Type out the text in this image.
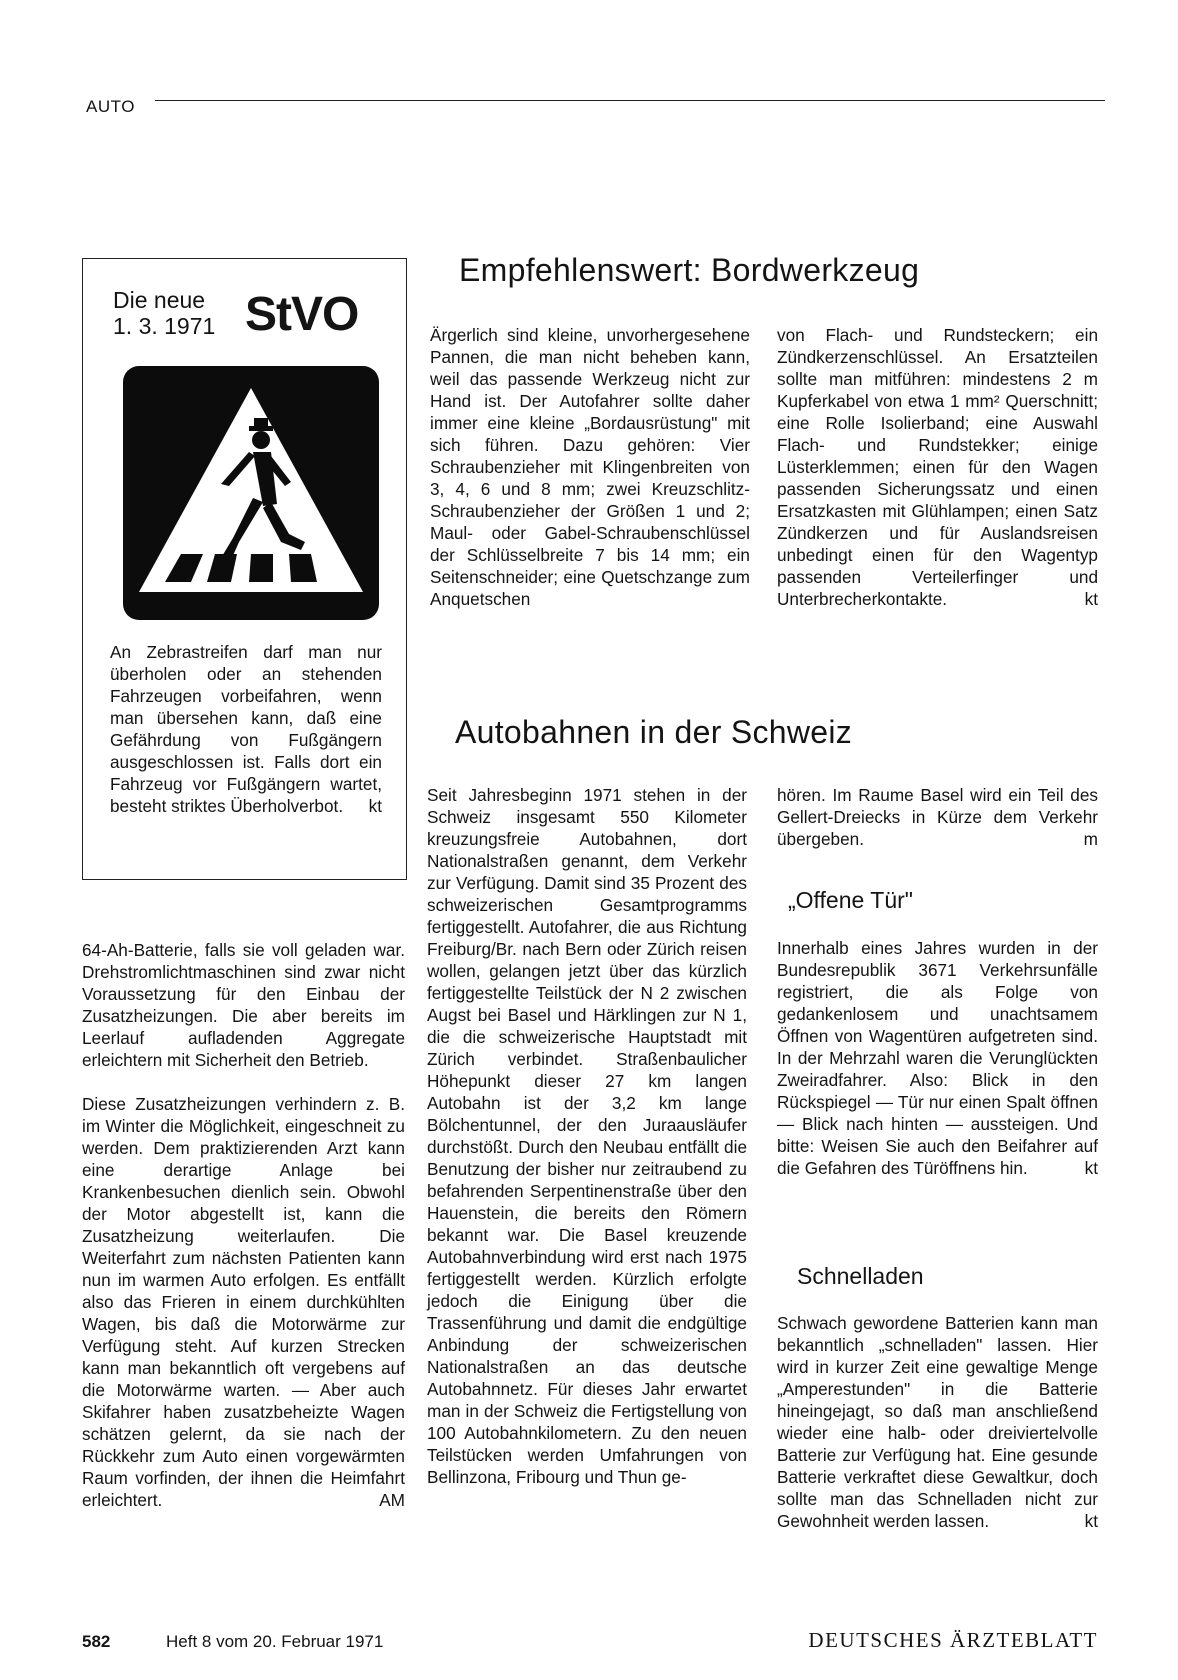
AUTO
Die neue
1. 3. 1971 StVO

An Zebrastreifen darf man nur überholen oder an stehenden Fahrzeugen vorbeifahren, wenn man übersehen kann, daß eine Gefährdung von Fußgängern ausgeschlossen ist. Falls dort ein Fahrzeug vor Fußgängern wartet, besteht striktes Überholverbot. kt

64-Ah-Batterie, falls sie voll geladen war. Drehstromlichtmaschinen sind zwar nicht Voraussetzung für den Einbau der Zusatzheizungen. Die aber bereits im Leerlauf aufladenden Aggregate erleichtern mit Sicherheit den Betrieb.

Diese Zusatzheizungen verhindern z. B. im Winter die Möglichkeit, eingeschneit zu werden. Dem praktizierenden Arzt kann eine derartige Anlage bei Krankenbesuchen dienlich sein. Obwohl der Motor abgestellt ist, kann die Zusatzheizung weiterlaufen. Die Weiterfahrt zum nächsten Patienten kann nun im warmen Auto erfolgen. Es entfällt also das Frieren in einem durchkühlten Wagen, bis daß die Motorwärme zur Verfügung steht. Auf kurzen Strecken kann man bekanntlich oft vergebens auf die Motorwärme warten. — Aber auch Skifahrer haben zusatzbeheizte Wagen schätzen gelernt, da sie nach der Rückkehr zum Auto einen vorgewärmten Raum vorfinden, der ihnen die Heimfahrt erleichtert.	AM

Empfehlenswert: Bordwerkzeug

Ärgerlich sind kleine, unvorhergesehene Pannen, die man nicht beheben kann, weil das passende Werkzeug nicht zur Hand ist. Der Autofahrer sollte daher immer eine kleine „Bordausrüstung" mit sich führen. Dazu gehören: Vier Schraubenzieher mit Klingenbreiten von 3, 4, 6 und 8 mm; zwei Kreuzschlitz-Schraubenzieher der Größen 1 und 2; Maul- oder Gabel-Schraubenschlüssel der Schlüsselbreite 7 bis 14 mm; ein Seitenschneider; eine Quetschzange zum Anquetschen

von Flach- und Rundsteckern; ein Zündkerzenschlüssel. An Ersatzteilen sollte man mitführen: mindestens 2 m Kupferkabel von etwa 1 mm² Querschnitt; eine Rolle Isolierband; eine Auswahl Flach- und Rundstekker; einige Lüsterklemmen; einen für den Wagen passenden Sicherungssatz und einen Ersatzkasten mit Glühlampen; einen Satz Zündkerzen und für Auslandsreisen unbedingt einen für den Wagentyp passenden Verteilerfinger und Unterbrecherkontakte.	kt

Autobahnen in der Schweiz

Seit Jahresbeginn 1971 stehen in der Schweiz insgesamt 550 Kilometer kreuzungsfreie Autobahnen, dort Nationalstraßen genannt, dem Verkehr zur Verfügung. Damit sind 35 Prozent des schweizerischen Gesamtprogramms fertiggestellt. Autofahrer, die aus Richtung Freiburg/Br. nach Bern oder Zürich reisen wollen, gelangen jetzt über das kürzlich fertiggestellte Teilstück der N 2 zwischen Augst bei Basel und Härklingen zur N 1, die die schweizerische Hauptstadt mit Zürich verbindet. Straßenbaulicher Höhepunkt dieser 27 km langen Autobahn ist der 3,2 km lange Bölchentunnel, der den Juraausläufer durchstößt. Durch den Neubau entfällt die Benutzung der bisher nur zeitraubend zu befahrenden Serpentinenstraße über den Hauenstein, die bereits den Römern bekannt war. Die Basel kreuzende Autobahnverbindung wird erst nach 1975 fertiggestellt werden. Kürzlich erfolgte jedoch die Einigung über die Trassenführung und damit die endgültige Anbindung der schweizerischen Nationalstraßen an das deutsche Autobahnnetz. Für dieses Jahr erwartet man in der Schweiz die Fertigstellung von 100 Autobahnkilometern. Zu den neuen Teilstücken werden Umfahrungen von Bellinzona, Fribourg und Thun ge-

hören. Im Raume Basel wird ein Teil des Gellert-Dreiecks in Kürze dem Verkehr übergeben.	m

„Offene Tür"

Innerhalb eines Jahres wurden in der Bundesrepublik 3671 Verkehrsunfälle registriert, die als Folge von gedankenlosem und unachtsamem Öffnen von Wagentüren aufgetreten sind. In der Mehrzahl waren die Verunglückten Zweiradfahrer. Also: Blick in den Rückspiegel — Tür nur einen Spalt öffnen — Blick nach hinten — aussteigen. Und bitte: Weisen Sie auch den Beifahrer auf die Gefahren des Türöffnens hin.	kt

Schnelladen

Schwach gewordene Batterien kann man bekanntlich „schnelladen" lassen. Hier wird in kurzer Zeit eine gewaltige Menge „Amperestunden" in die Batterie hineingejagt, so daß man anschließend wieder eine halb- oder dreiviertelvolle Batterie zur Verfügung hat. Eine gesunde Batterie verkraftet diese Gewaltkur, doch sollte man das Schnelladen nicht zur Gewohnheit werden lassen.	kt

582	Heft 8 vom 20. Februar 1971	DEUTSCHES ÄRZTEBLATT
